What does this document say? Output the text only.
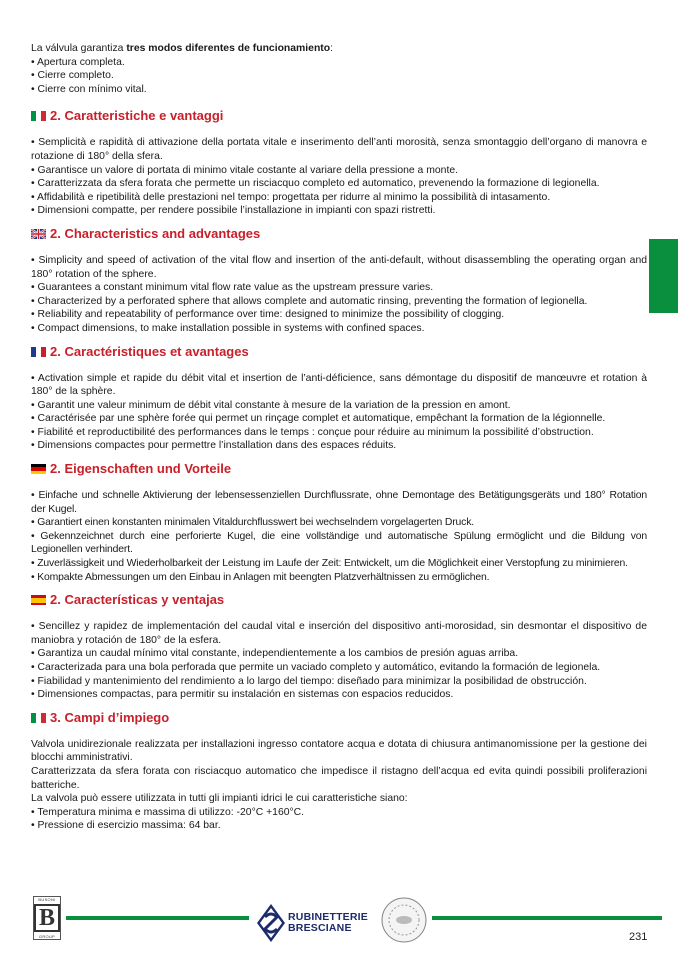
La válvula garantiza tres modos diferentes de funcionamiento:

• Apertura completa.

• Cierre completo.

• Cierre con mínimo vital.

2. Caratteristiche e vantaggi
• Semplicità e rapidità di attivazione della portata vitale e inserimento dell’anti morosità, senza smontaggio dell’organo di manovra e rotazione di 180° della sfera.
• Garantisce un valore di portata di minimo vitale costante al variare della pressione a monte.
• Caratterizzata da sfera forata che permette un risciacquo completo ed automatico, prevenendo la formazione di legionella.
• Affidabilità e ripetibilità delle prestazioni nel tempo: progettata per ridurre al minimo la possibilità di intasamento.
• Dimensioni compatte, per rendere possibile l’installazione in impianti con spazi ristretti.
2. Characteristics and advantages
• Simplicity and speed of activation of the vital flow and insertion of the anti-default, without disassembling the operating organ and 180° rotation of the sphere.
• Guarantees a constant minimum vital flow rate value as the upstream pressure varies.
• Characterized by a perforated sphere that allows complete and automatic rinsing, preventing the formation of legionella.
• Reliability and repeatability of performance over time: designed to minimize the possibility of clogging.
• Compact dimensions, to make installation possible in systems with confined spaces.
2. Caractéristiques et avantages
• Activation simple et rapide du débit vital et insertion de l’anti-déficience, sans démontage du dispositif de manœuvre et rotation à 180° de la sphère.
• Garantit une valeur minimum de débit vital constante à mesure de la variation de la pression en amont.
• Caractérisée par une sphère forée qui permet un rinçage complet et automatique, empêchant la formation de la légionnelle.
• Fiabilité et reproductibilité des performances dans le temps : conçue pour réduire au minimum la possibilité d’obstruction.
• Dimensions compactes pour permettre l’installation dans des espaces réduits.
2. Eigenschaften und Vorteile
• Einfache und schnelle Aktivierung der lebensessenziellen Durchflussrate, ohne Demontage des Betätigungsgeräts und 180° Rotation der Kugel.
• Garantiert einen konstanten minimalen Vitaldurchflusswert bei wechselndem vorgelagerten Druck.
• Gekennzeichnet durch eine perforierte Kugel, die eine vollständige und automatische Spülung ermöglicht und die Bildung von Legionellen verhindert.
• Zuverlässigkeit und Wiederholbarkeit der Leistung im Laufe der Zeit: Entwickelt, um die Möglichkeit einer Verstopfung zu minimieren.
• Kompakte Abmessungen um den Einbau in Anlagen mit beengten Platzverhältnissen zu ermöglichen.
2. Características y ventajas
• Sencillez y rapidez de implementación del caudal vital e inserción del dispositivo anti-morosidad, sin desmontar el dispositivo de maniobra y rotación de 180° de la esfera.
• Garantiza un caudal mínimo vital constante, independientemente a los cambios de presión aguas arriba.
• Caracterizada para una bola perforada que permite un vaciado completo y automático, evitando la formación de legionela.
• Fiabilidad y mantenimiento del rendimiento a lo largo del tiempo: diseñado para minimizar la posibilidad de obstrucción.
• Dimensiones compactas, para permitir su instalación en sistemas con espacios reducidos.
3. Campi d’impiego

Valvola unidirezionale realizzata per installazioni ingresso contatore acqua e dotata di chiusura antimanomissione per la gestione dei blocchi amministrativi.

Caratterizzata da sfera forata con risciacquo automatico che impedisce il ristagno dell’acqua ed evita quindi possibili proliferazioni batteriche.

La valvola può essere utilizzata in tutti gli impianti idrici le cui caratteristiche siano:

• Temperatura minima e massima di utilizzo: -20°C +160°C.

• Pressione di esercizio massima: 64 bar.

BUSONI
B
GROUP
RUBINETTERIE
BRESCIANE
231
